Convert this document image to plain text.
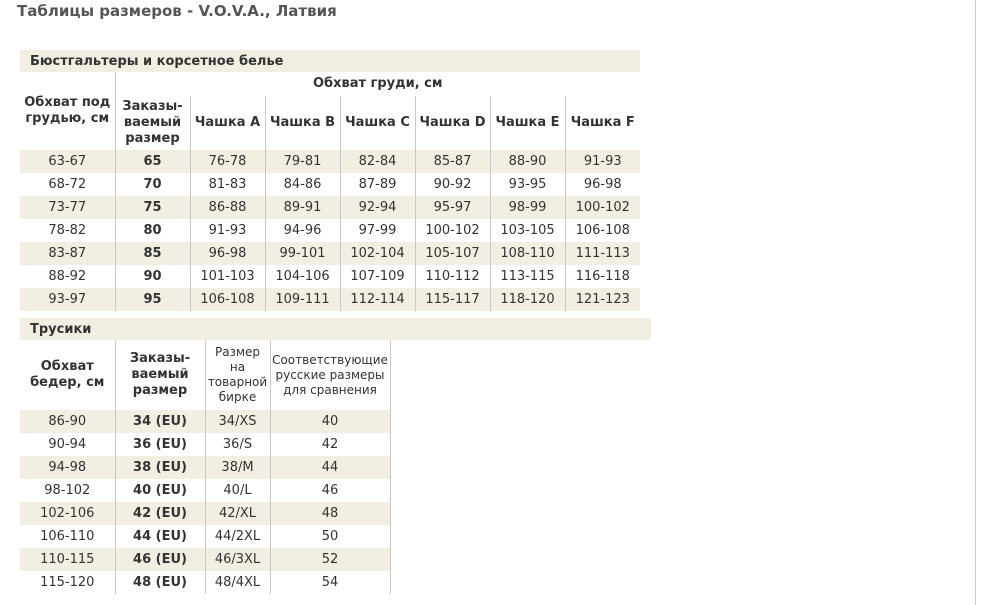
Таблицы размеров - V.O.V.A., Латвия
Бюстгальтеры и корсетное белье							
Обхват под грудью, см	Обхват груди, см						
	Заказы-ваемый размер	Чашка A	Чашка B	Чашка C	Чашка D	Чашка E	Чашка F
63-67	65	76-78	79-81	82-84	85-87	88-90	91-93
68-72	70	81-83	84-86	87-89	90-92	93-95	96-98
73-77	75	86-88	89-91	92-94	95-97	98-99	100-102
78-82	80	91-93	94-96	97-99	100-102	103-105	106-108
83-87	85	96-98	99-101	102-104	105-107	108-110	111-113
88-92	90	101-103	104-106	107-109	110-112	113-115	116-118
93-97	95	106-108	109-111	112-114	115-117	118-120	121-123
Трусики				
Обхват бедер, см	Заказы-ваемый размер	Размер на товарной бирке	Соответствующие русские размеры для сравнения	
86-90	34 (EU)	34/XS	40	
90-94	36 (EU)	36/S	42	
94-98	38 (EU)	38/M	44	
98-102	40 (EU)	40/L	46	
102-106	42 (EU)	42/XL	48	
106-110	44 (EU)	44/2XL	50	
110-115	46 (EU)	46/3XL	52	
115-120	48 (EU)	48/4XL	54	
